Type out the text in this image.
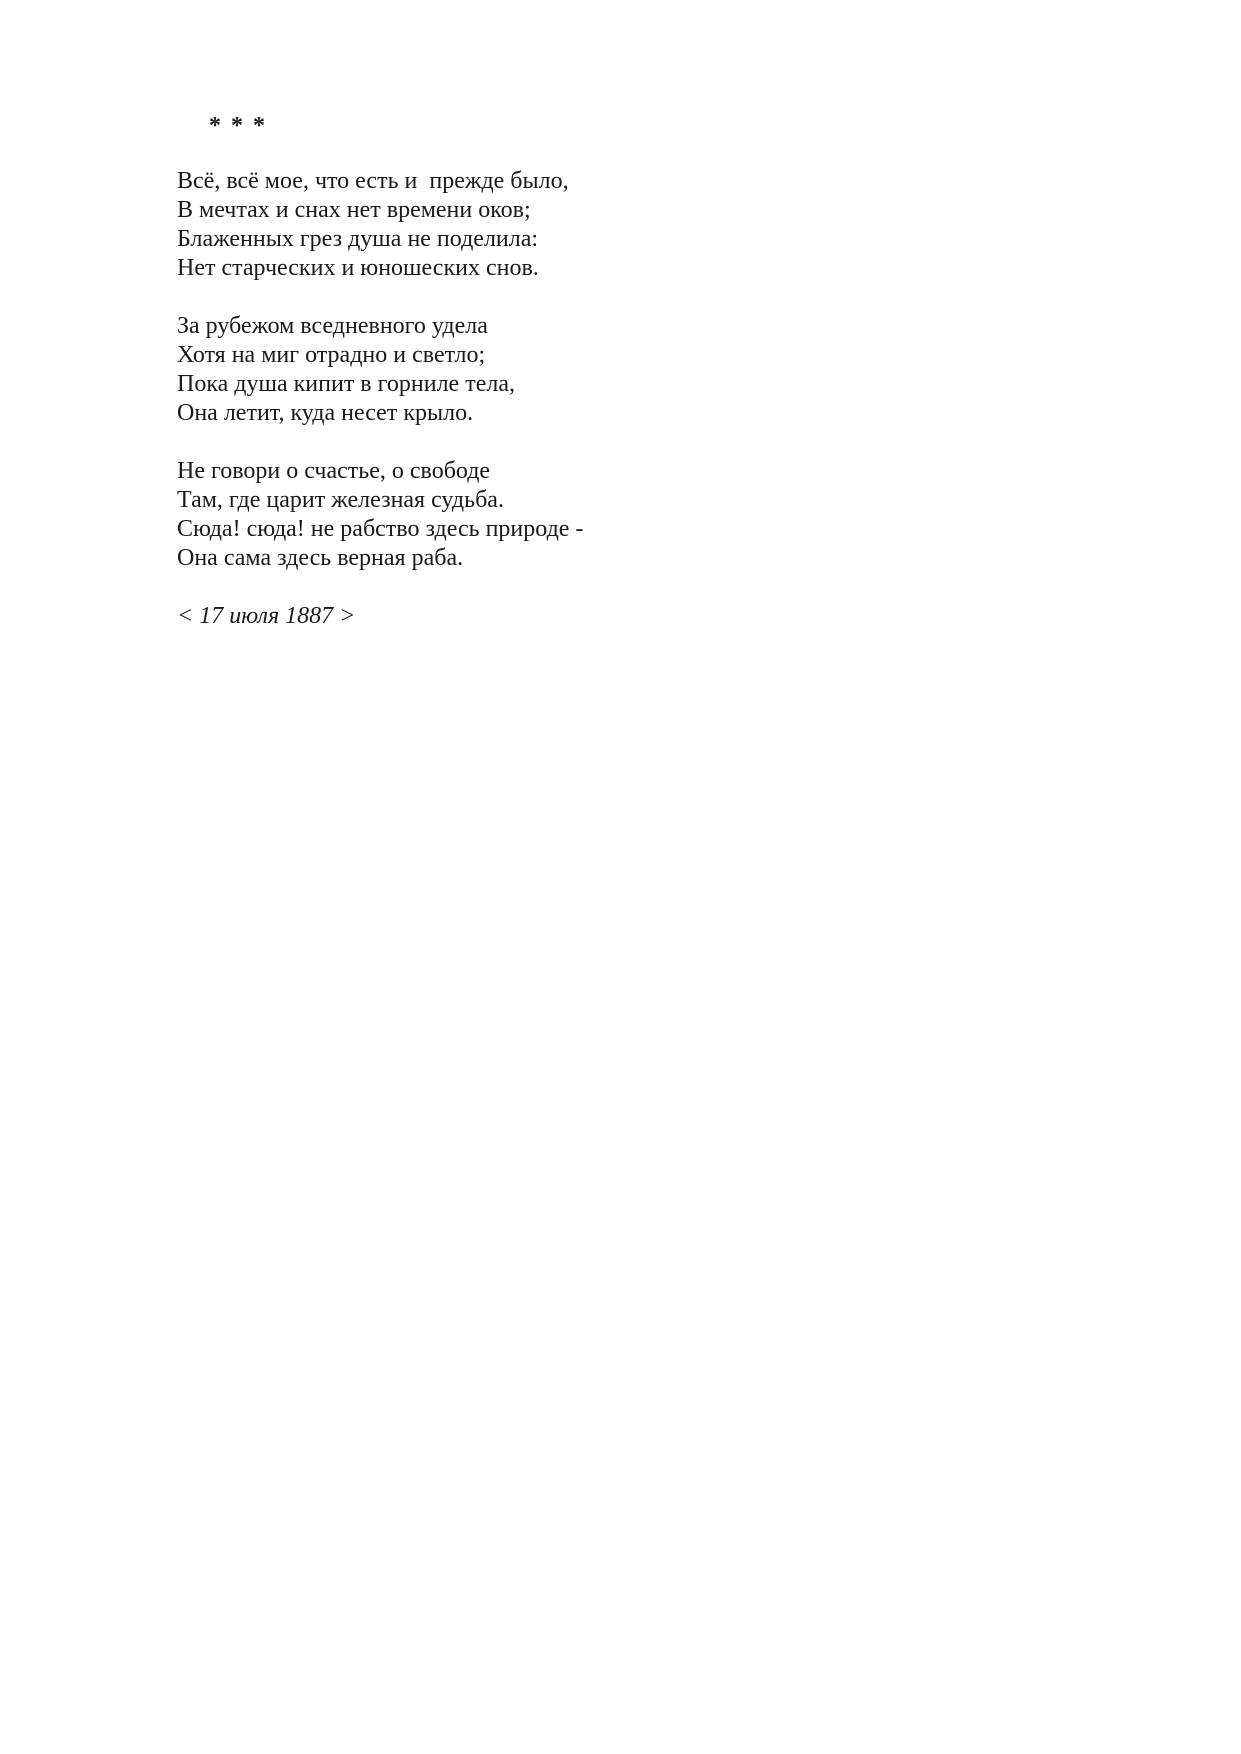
* * *
Всё, всё мое, что есть и  прежде было,
В мечтах и снах нет времени оков;
Блаженных грез душа не поделила:
Нет старческих и юношеских снов.
За рубежом вседневного удела
Хотя на миг отрадно и светло;
Пока душа кипит в горниле тела,
Она летит, куда несет крыло.
Не говори о счастье, о свободе
Там, где царит железная судьба.
Сюда! сюда! не рабство здесь природе -
Она сама здесь верная раба.
< 17 июля 1887 >
